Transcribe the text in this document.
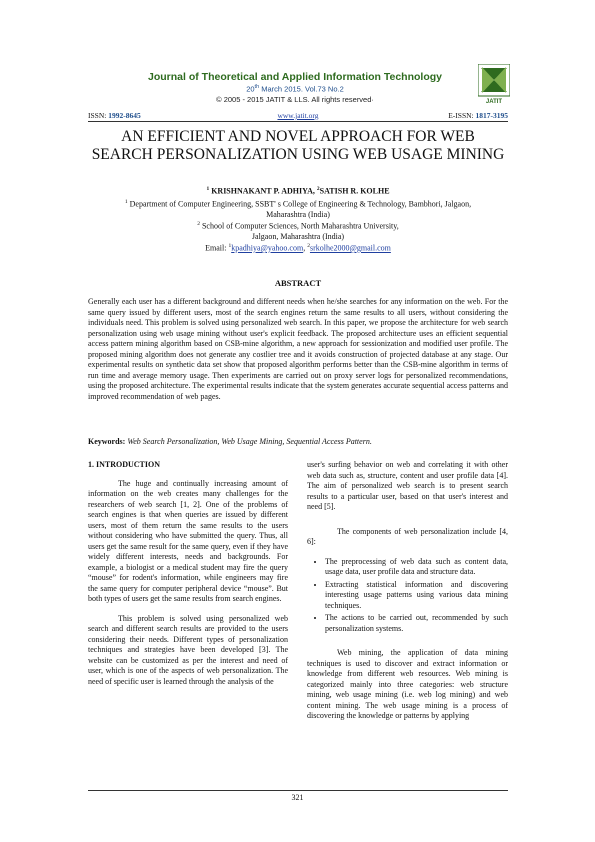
Journal of Theoretical and Applied Information Technology
20th March 2015. Vol.73 No.2
© 2005 - 2015 JATIT & LLS. All rights reserved·	JATIT
ISSN: 1992-8645	www.jatit.org	E-ISSN: 1817-3195
AN EFFICIENT AND NOVEL APPROACH FOR WEB
SEARCH PERSONALIZATION USING WEB USAGE MINING
$^1$ KRISHNAKANT P. ADHIYA, $^2$SATISH R. KOLHE
$^1$ Department of Computer Engineering, SSBT' s College of Engineering & Technology, Bambhori, Jalgaon,
Maharashtra (India)
$^2$ School of Computer Sciences, North Maharashtra University,
Jalgaon, Maharashtra (India)
Email: $^1$kpadhiya@yahoo.com, $^2$srkolhe2000@gmail.com
ABSTRACT
Generally each user has a different background and different needs when he/she searches for any information on the web. For the same query issued by different users, most of the search engines return the same results to all users, without considering the individuals need. This problem is solved using personalized web search. In this paper, we propose the architecture for web search personalization using web usage mining without user's explicit feedback. The proposed architecture uses an efficient sequential access pattern mining algorithm based on CSB-mine algorithm, a new approach for sessionization and modified user profile. The proposed mining algorithm does not generate any costlier tree and it avoids construction of projected database at any stage. Our experimental results on synthetic data set show that proposed algorithm performs better than the CSB-mine algorithm in terms of run time and average memory usage. Then experiments are carried out on proxy server logs for personalized recommendations, using the proposed architecture. The experimental results indicate that the system generates accurate sequential access patterns and improved recommendation of web pages.
Keywords: Web Search Personalization, Web Usage Mining, Sequential Access Pattern.
1. INTRODUCTION

The huge and continually increasing amount of information on the web creates many challenges for the researchers of web search [1, 2]. One of the problems of search engines is that when queries are issued by different users, most of them return the same results to the users without considering who have submitted the query. Thus, all users get the same result for the same query, even if they have widely different interests, needs and backgrounds. For example, a biologist or a medical student may fire the query “mouse” for rodent's information, while engineers may fire the same query for computer peripheral device “mouse”. But both types of users get the same results from search engines.

This problem is solved using personalized web search and different search results are provided to the users considering their needs. Different types of personalization techniques and strategies have been developed [3]. The website can be customized as per the interest and need of user, which is one of the aspects of web personalization. The need of specific user is learned through the analysis of the

user's surfing behavior on web and correlating it with other web data such as, structure, content and user profile data [4]. The aim of personalized web search is to present search results to a particular user, based on that user's interest and need [5].

The components of web personalization include [4, 6]:

• The preprocessing of web data such as content data, usage data, user profile data and structure data.
• Extracting statistical information and discovering interesting usage patterns using various data mining techniques.
• The actions to be carried out, recommended by such personalization systems.

Web mining, the application of data mining techniques is used to discover and extract information or knowledge from different web resources. Web mining is categorized mainly into three categories: web structure mining, web usage mining (i.e. web log mining) and web content mining. The web usage mining is a process of discovering the knowledge or patterns by applying

321
